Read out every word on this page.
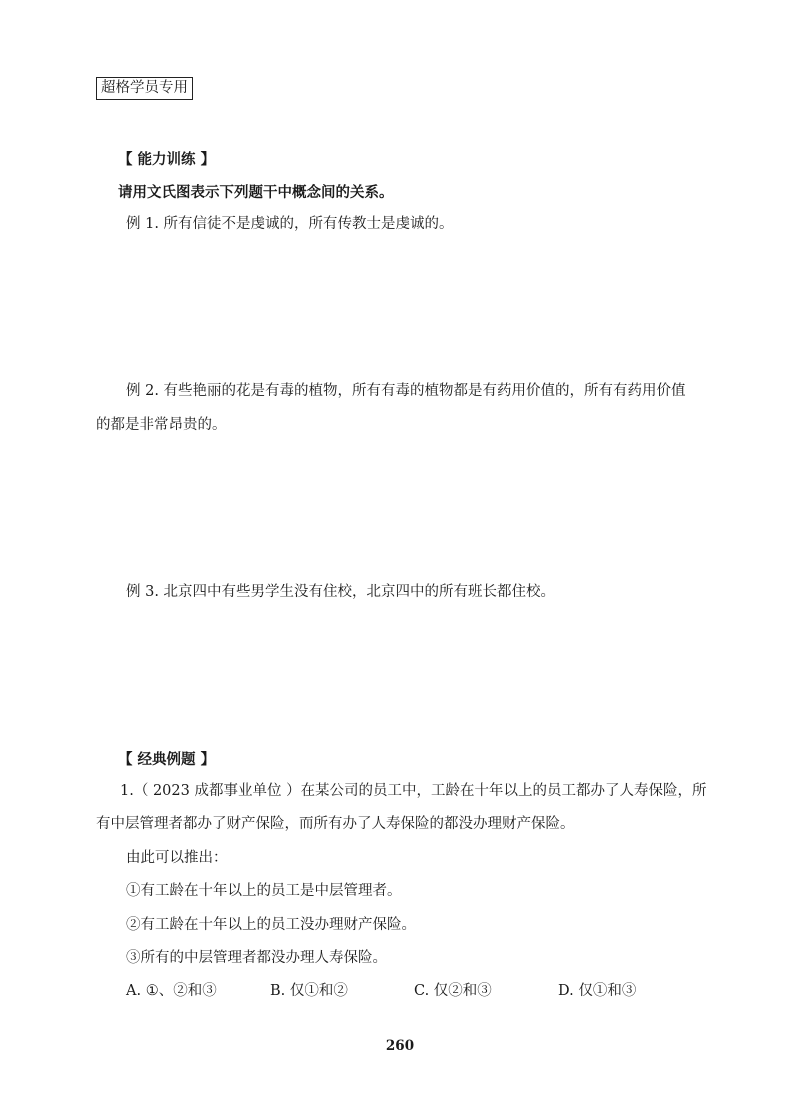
超格学员专用
【 能力训练 】
请用文氏图表示下列题干中概念间的关系。
例 1. 所有信徒不是虔诚的，所有传教士是虔诚的。
例 2. 有些艳丽的花是有毒的植物，所有有毒的植物都是有药用价值的，所有有药用价值
的都是非常昂贵的。
例 3. 北京四中有些男学生没有住校，北京四中的所有班长都住校。
【 经典例题 】
1.（ 2023 成都事业单位 ）在某公司的员工中，工龄在十年以上的员工都办了人寿保险，所
有中层管理者都办了财产保险，而所有办了人寿保险的都没办理财产保险。
由此可以推出：
①有工龄在十年以上的员工是中层管理者。
②有工龄在十年以上的员工没办理财产保险。
③所有的中层管理者都没办理人寿保险。
A. ①、②和③	B. 仅①和②	C. 仅②和③	D. 仅①和③
260
